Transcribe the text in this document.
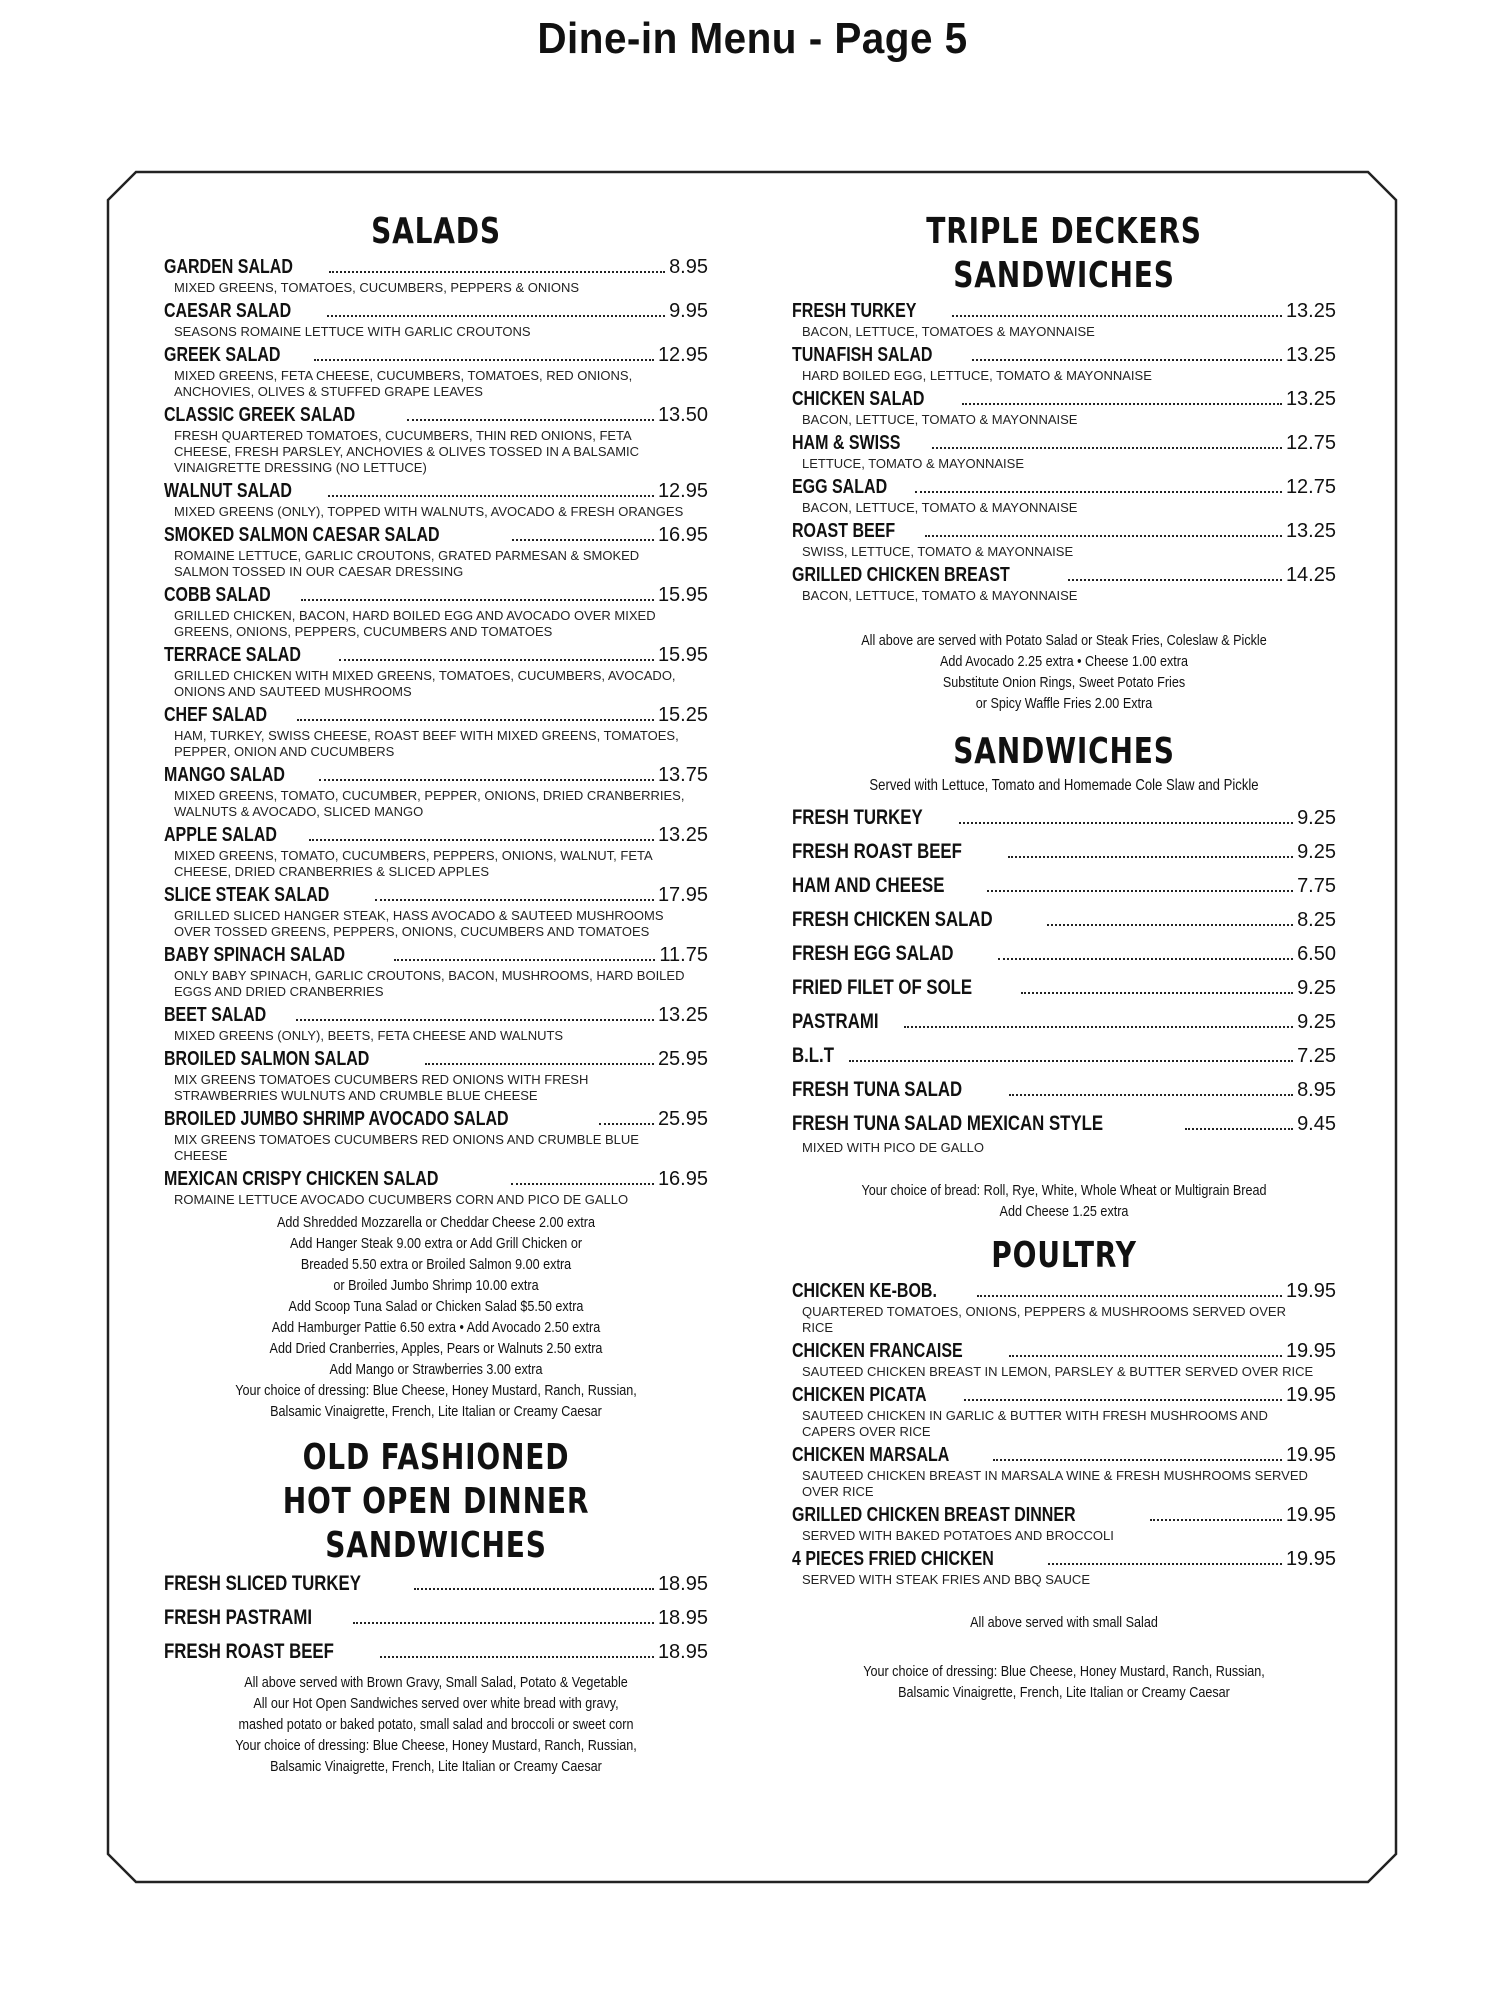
Dine-in Menu - Page 5
SALADS
GARDEN SALAD	8.95
MIXED GREENS, TOMATOES, CUCUMBERS, PEPPERS & ONIONS
CAESAR SALAD	9.95
SEASONS ROMAINE LETTUCE WITH GARLIC CROUTONS
GREEK SALAD	12.95
MIXED GREENS, FETA CHEESE, CUCUMBERS, TOMATOES, RED ONIONS, ANCHOVIES, OLIVES & STUFFED GRAPE LEAVES
CLASSIC GREEK SALAD	13.50
FRESH QUARTERED TOMATOES, CUCUMBERS, THIN RED ONIONS, FETA CHEESE, FRESH PARSLEY, ANCHOVIES & OLIVES TOSSED IN A BALSAMIC VINAIGRETTE DRESSING (NO LETTUCE)
WALNUT SALAD	12.95
MIXED GREENS (ONLY), TOPPED WITH WALNUTS, AVOCADO & FRESH ORANGES
SMOKED SALMON CAESAR SALAD	16.95
ROMAINE LETTUCE, GARLIC CROUTONS, GRATED PARMESAN & SMOKED SALMON TOSSED IN OUR CAESAR DRESSING
COBB SALAD	15.95
GRILLED CHICKEN, BACON, HARD BOILED EGG AND AVOCADO OVER MIXED GREENS, ONIONS, PEPPERS, CUCUMBERS AND TOMATOES
TERRACE SALAD	15.95
GRILLED CHICKEN WITH MIXED GREENS, TOMATOES, CUCUMBERS, AVOCADO, ONIONS AND SAUTEED MUSHROOMS
CHEF SALAD	15.25
HAM, TURKEY, SWISS CHEESE, ROAST BEEF WITH MIXED GREENS, TOMATOES, PEPPER, ONION AND CUCUMBERS
MANGO SALAD	13.75
MIXED GREENS, TOMATO, CUCUMBER, PEPPER, ONIONS, DRIED CRANBERRIES, WALNUTS & AVOCADO, SLICED MANGO
APPLE SALAD	13.25
MIXED GREENS, TOMATO, CUCUMBERS, PEPPERS, ONIONS, WALNUT, FETA CHEESE, DRIED CRANBERRIES & SLICED APPLES
SLICE STEAK SALAD	17.95
GRILLED SLICED HANGER STEAK, HASS AVOCADO & SAUTEED MUSHROOMS OVER TOSSED GREENS, PEPPERS, ONIONS, CUCUMBERS AND TOMATOES
BABY SPINACH SALAD	11.75
ONLY BABY SPINACH, GARLIC CROUTONS, BACON, MUSHROOMS, HARD BOILED EGGS AND DRIED CRANBERRIES
BEET SALAD	13.25
MIXED GREENS (ONLY), BEETS, FETA CHEESE AND WALNUTS
BROILED SALMON SALAD	25.95
MIX GREENS TOMATOES CUCUMBERS RED ONIONS WITH FRESH STRAWBERRIES WULNUTS AND CRUMBLE BLUE CHEESE
BROILED JUMBO SHRIMP AVOCADO SALAD	25.95
MIX GREENS TOMATOES CUCUMBERS RED ONIONS AND CRUMBLE BLUE CHEESE
MEXICAN CRISPY CHICKEN SALAD	16.95
ROMAINE LETTUCE AVOCADO CUCUMBERS CORN AND PICO DE GALLO
Add Shredded Mozzarella or Cheddar Cheese 2.00 extra
Add Hanger Steak 9.00 extra or Add Grill Chicken or
Breaded 5.50 extra or Broiled Salmon 9.00 extra
or Broiled Jumbo Shrimp 10.00 extra
Add Scoop Tuna Salad or Chicken Salad $5.50 extra
Add Hamburger Pattie 6.50 extra • Add Avocado 2.50 extra
Add Dried Cranberries, Apples, Pears or Walnuts 2.50 extra
Add Mango or Strawberries 3.00 extra
Your choice of dressing: Blue Cheese, Honey Mustard, Ranch, Russian,
Balsamic Vinaigrette, French, Lite Italian or Creamy Caesar
OLD FASHIONED
HOT OPEN DINNER SANDWICHES
FRESH SLICED TURKEY	18.95
FRESH PASTRAMI	18.95
FRESH ROAST BEEF	18.95
All above served with Brown Gravy, Small Salad, Potato & Vegetable
All our Hot Open Sandwiches served over white bread with gravy,
mashed potato or baked potato, small salad and broccoli or sweet corn
Your choice of dressing: Blue Cheese, Honey Mustard, Ranch, Russian,
Balsamic Vinaigrette, French, Lite Italian or Creamy Caesar
TRIPLE DECKERS
SANDWICHES
FRESH TURKEY	13.25
BACON, LETTUCE, TOMATOES & MAYONNAISE
TUNAFISH SALAD	13.25
HARD BOILED EGG, LETTUCE, TOMATO & MAYONNAISE
CHICKEN SALAD	13.25
BACON, LETTUCE, TOMATO & MAYONNAISE
HAM & SWISS	12.75
LETTUCE, TOMATO & MAYONNAISE
EGG SALAD	12.75
BACON, LETTUCE, TOMATO & MAYONNAISE
ROAST BEEF	13.25
SWISS, LETTUCE, TOMATO & MAYONNAISE
GRILLED CHICKEN BREAST	14.25
BACON, LETTUCE, TOMATO & MAYONNAISE
All above are served with Potato Salad or Steak Fries, Coleslaw & Pickle
Add Avocado 2.25 extra • Cheese 1.00 extra
Substitute Onion Rings, Sweet Potato Fries
or Spicy Waffle Fries 2.00 Extra
SANDWICHES
Served with Lettuce, Tomato and Homemade Cole Slaw and Pickle
FRESH TURKEY	9.25
FRESH ROAST BEEF	9.25
HAM AND CHEESE	7.75
FRESH CHICKEN SALAD	8.25
FRESH EGG SALAD	6.50
FRIED FILET OF SOLE	9.25
PASTRAMI	9.25
B.L.T	7.25
FRESH TUNA SALAD	8.95
FRESH TUNA SALAD MEXICAN STYLE	9.45
MIXED WITH PICO DE GALLO
Your choice of bread: Roll, Rye, White, Whole Wheat or Multigrain Bread
Add Cheese 1.25 extra
POULTRY
CHICKEN KE-BOB.	19.95
QUARTERED TOMATOES, ONIONS, PEPPERS & MUSHROOMS SERVED OVER RICE
CHICKEN FRANCAISE	19.95
SAUTEED CHICKEN BREAST IN LEMON, PARSLEY & BUTTER SERVED OVER RICE
CHICKEN PICATA	19.95
SAUTEED CHICKEN IN GARLIC & BUTTER WITH FRESH MUSHROOMS AND CAPERS OVER RICE
CHICKEN MARSALA	19.95
SAUTEED CHICKEN BREAST IN MARSALA WINE & FRESH MUSHROOMS SERVED OVER RICE
GRILLED CHICKEN BREAST DINNER	19.95
SERVED WITH BAKED POTATOES AND BROCCOLI
4 PIECES FRIED CHICKEN	19.95
SERVED WITH STEAK FRIES AND BBQ SAUCE
All above served with small Salad
Your choice of dressing: Blue Cheese, Honey Mustard, Ranch, Russian,
Balsamic Vinaigrette, French, Lite Italian or Creamy Caesar
